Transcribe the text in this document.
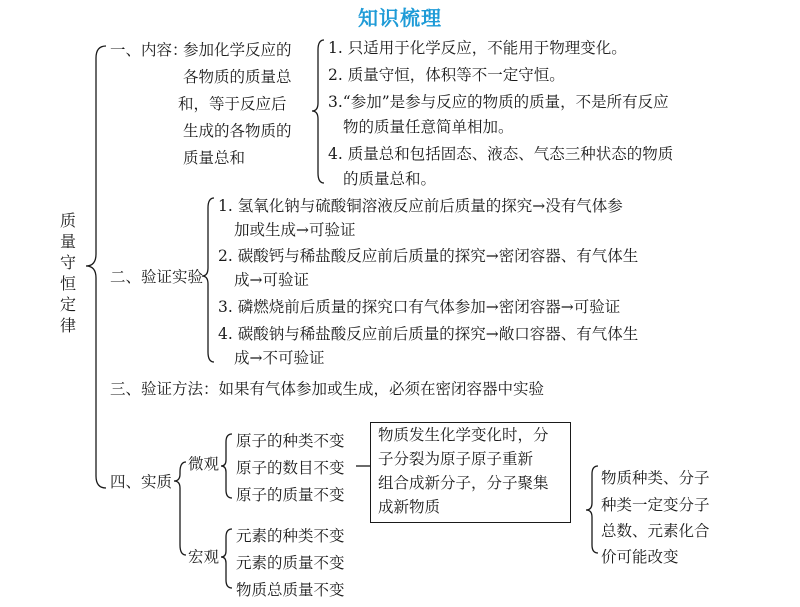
知识梳理
质
量
守
恒
定
律
一、内容：
参加化学反应的
各物质的质量总
和，等于反应后
生成的各物质的
质量总和
1. 只适用于化学反应，不能用于物理变化。
2. 质量守恒，体积等不一定守恒。
3.“参加”是参与反应的物质的质量，不是所有反应
物的质量任意简单相加。
4. 质量总和包括固态、液态、气态三种状态的物质
的质量总和。
二、验证实验
1. 氢氧化钠与硫酸铜溶液反应前后质量的探究→没有气体参
加或生成→可验证
2. 碳酸钙与稀盐酸反应前后质量的探究→密闭容器、有气体生
成→可验证
3. 磷燃烧前后质量的探究口有气体参加→密闭容器→可验证
4. 碳酸钠与稀盐酸反应前后质量的探究→敞口容器、有气体生
成→不可验证
三、验证方法：如果有气体参加或生成，必须在密闭容器中实验
四、实质
微观
原子的种类不变
原子的数目不变
原子的质量不变
宏观
元素的种类不变
元素的质量不变
物质总质量不变
物质发生化学变化时，分
子分裂为原子原子重新
组合成新分子，分子聚集
成新物质
物质种类、分子
种类一定变分子
总数、元素化合
价可能改变
